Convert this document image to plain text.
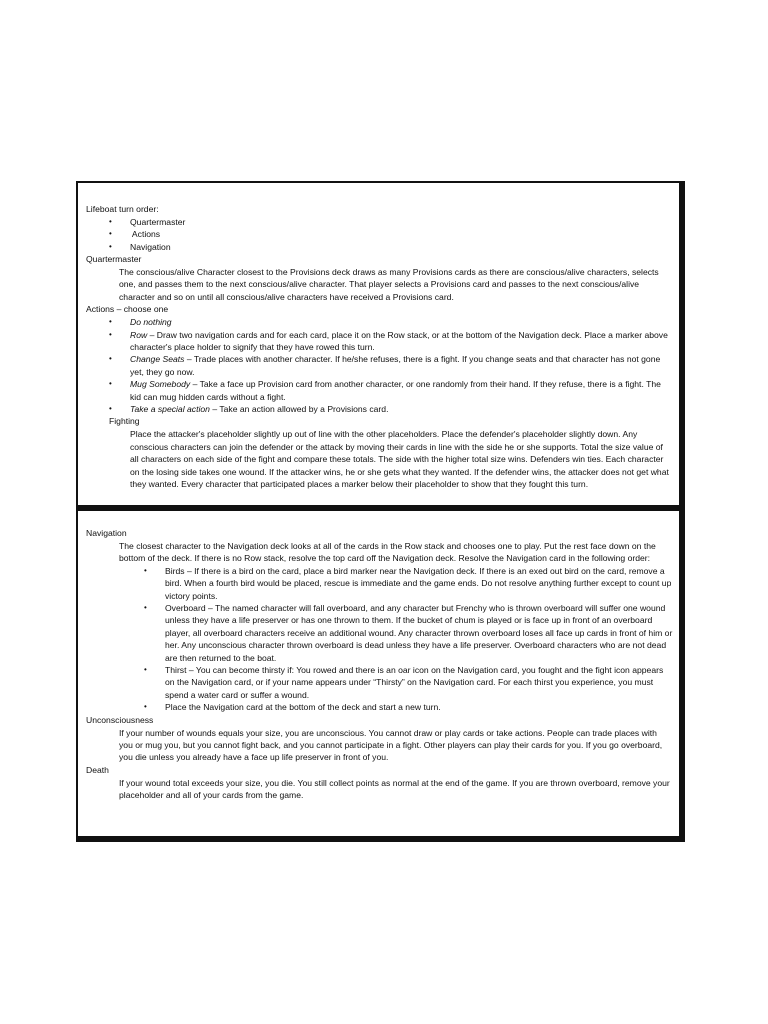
Lifeboat turn order:

•	Quartermaster
•	Actions
•	Navigation

Quartermaster

The conscious/alive Character closest to the Provisions deck draws as many Provisions cards as there are conscious/alive characters, selects one, and passes them to the next conscious/alive character. That player selects a Provisions card and passes to the next conscious/alive character and so on until all conscious/alive characters have received a Provisions card.

Actions – choose one

•	Do nothing
•	Row – Draw two navigation cards and for each card, place it on the Row stack, or at the bottom of the Navigation deck. Place a marker above character's place holder to signify that they have rowed this turn.
•	Change Seats – Trade places with another character. If he/she refuses, there is a fight. If you change seats and that character has not gone yet, they go now.
•	Mug Somebody – Take a face up Provision card from another character, or one randomly from their hand. If they refuse, there is a fight. The kid can mug hidden cards without a fight.
•	Take a special action – Take an action allowed by a Provisions card.

Fighting

Place the attacker's placeholder slightly up out of line with the other placeholders. Place the defender's placeholder slightly down. Any conscious characters can join the defender or the attack by moving their cards in line with the side he or she supports. Total the size value of all characters on each side of the fight and compare these totals. The side with the higher total size wins. Defenders win ties. Each character on the losing side takes one wound. If the attacker wins, he or she gets what they wanted. If the defender wins, the attacker does not get what they wanted. Every character that participated places a marker below their placeholder to show that they fought this turn.

Navigation

The closest character to the Navigation deck looks at all of the cards in the Row stack and chooses one to play. Put the rest face down on the bottom of the deck. If there is no Row stack, resolve the top card off the Navigation deck. Resolve the Navigation card in the following order:

•	Birds – If there is a bird on the card, place a bird marker near the Navigation deck. If there is an exed out bird on the card, remove a bird. When a fourth bird would be placed, rescue is immediate and the game ends. Do not resolve anything further except to count up victory points.
•	Overboard – The named character will fall overboard, and any character but Frenchy who is thrown overboard will suffer one wound unless they have a life preserver or has one thrown to them. If the bucket of chum is played or is face up in front of an overboard player, all overboard characters receive an additional wound. Any character thrown overboard loses all face up cards in front of him or her. Any unconscious character thrown overboard is dead unless they have a life preserver. Overboard characters who are not dead are then returned to the boat.
•	Thirst – You can become thirsty if: You rowed and there is an oar icon on the Navigation card, you fought and the fight icon appears on the Navigation card, or if your name appears under “Thirsty” on the Navigation card. For each thirst you experience, you must spend a water card or suffer a wound.
•	Place the Navigation card at the bottom of the deck and start a new turn.

Unconsciousness

If your number of wounds equals your size, you are unconscious. You cannot draw or play cards or take actions. People can trade places with you or mug you, but you cannot fight back, and you cannot participate in a fight. Other players can play their cards for you. If you go overboard, you die unless you already have a face up life preserver in front of you.

Death

If your wound total exceeds your size, you die. You still collect points as normal at the end of the game. If you are thrown overboard, remove your placeholder and all of your cards from the game.
